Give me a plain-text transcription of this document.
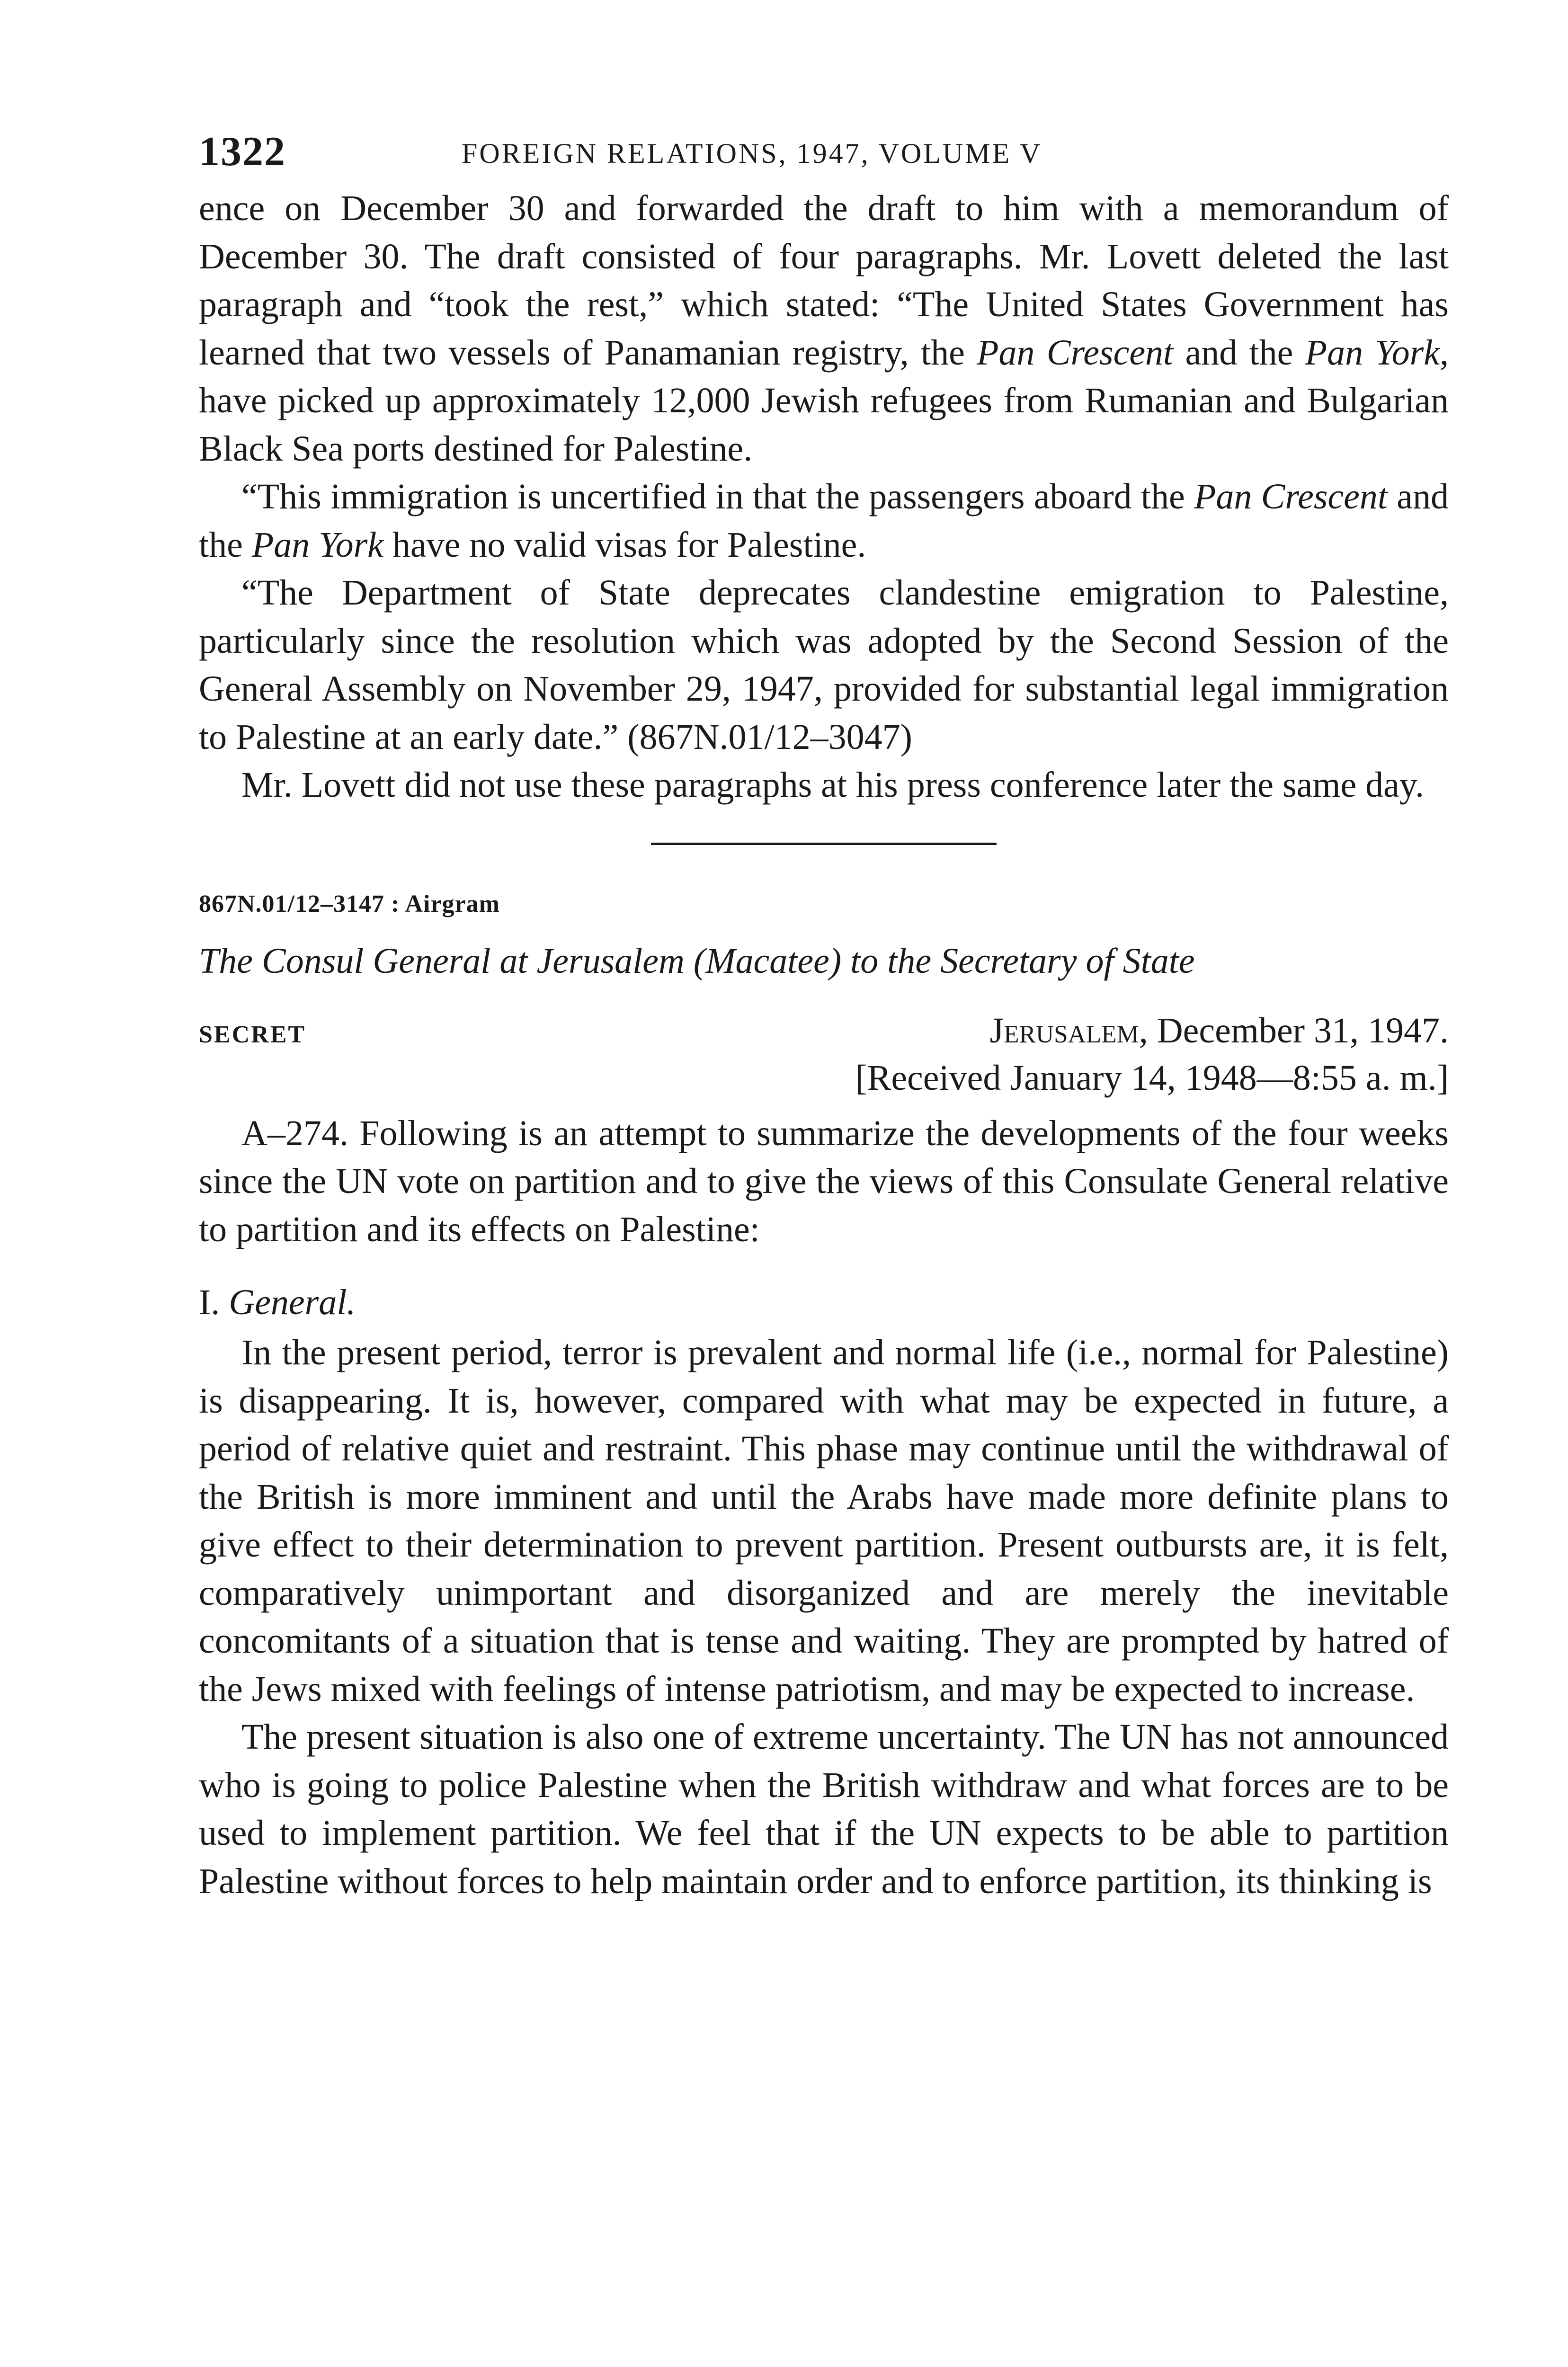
1322	FOREIGN RELATIONS, 1947, VOLUME V

ence on December 30 and forwarded the draft to him with a memorandum of December 30. The draft consisted of four paragraphs. Mr. Lovett deleted the last paragraph and “took the rest,” which stated: “The United States Government has learned that two vessels of Panamanian registry, the Pan Crescent and the Pan York, have picked up approximately 12,000 Jewish refugees from Rumanian and Bulgarian Black Sea ports destined for Palestine.

“This immigration is uncertified in that the passengers aboard the Pan Crescent and the Pan York have no valid visas for Palestine.

“The Department of State deprecates clandestine emigration to Palestine, particularly since the resolution which was adopted by the Second Session of the General Assembly on November 29, 1947, provided for substantial legal immigration to Palestine at an early date.” (867N.01/12–3047)

Mr. Lovett did not use these paragraphs at his press conference later the same day.

867N.01/12–3147 : Airgram
The Consul General at Jerusalem (Macatee) to the Secretary of State
SECRET	Jerusalem, December 31, 1947.
[Received January 14, 1948—8:55 a. m.]

A–274. Following is an attempt to summarize the developments of the four weeks since the UN vote on partition and to give the views of this Consulate General relative to partition and its effects on Palestine:

I. General.

In the present period, terror is prevalent and normal life (i.e., normal for Palestine) is disappearing. It is, however, compared with what may be expected in future, a period of relative quiet and restraint. This phase may continue until the withdrawal of the British is more imminent and until the Arabs have made more definite plans to give effect to their determination to prevent partition. Present outbursts are, it is felt, comparatively unimportant and disorganized and are merely the inevitable concomitants of a situation that is tense and waiting. They are prompted by hatred of the Jews mixed with feelings of intense patriotism, and may be expected to increase.

The present situation is also one of extreme uncertainty. The UN has not announced who is going to police Palestine when the British withdraw and what forces are to be used to implement partition. We feel that if the UN expects to be able to partition Palestine without forces to help maintain order and to enforce partition, its thinking is
